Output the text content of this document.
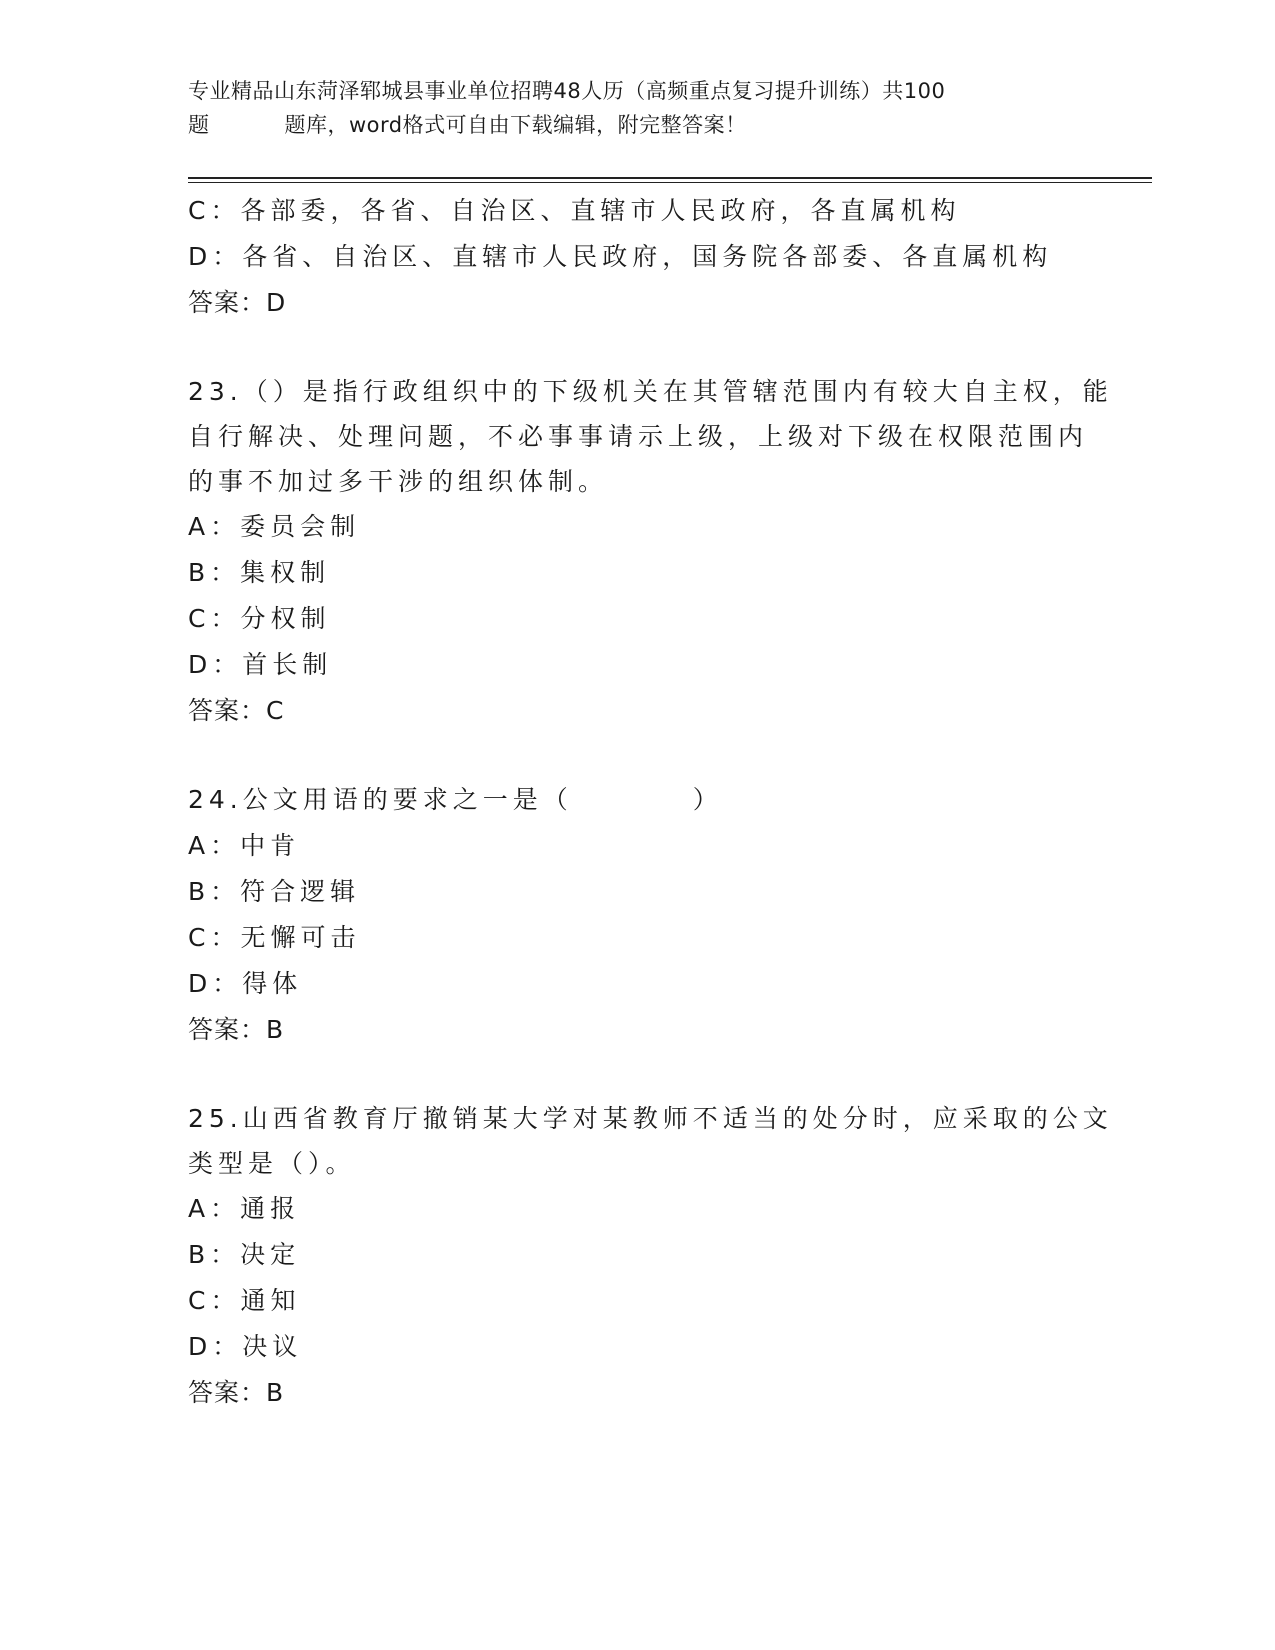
专业精品山东菏泽郓城县事业单位招聘48人历（高频重点复习提升训练）共100
题	题库，word格式可自由下载编辑，附完整答案！
C：各部委，各省、自治区、直辖市人民政府，各直属机构
D：各省、自治区、直辖市人民政府，国务院各部委、各直属机构
答案：D
23.（）是指行政组织中的下级机关在其管辖范围内有较大自主权，能
自行解决、处理问题，不必事事请示上级，上级对下级在权限范围内
的事不加过多干涉的组织体制。
A：委员会制
B：集权制
C：分权制
D：首长制
答案：C
24.公文用语的要求之一是（　　　　）
A：中肯
B：符合逻辑
C：无懈可击
D：得体
答案：B
25.山西省教育厅撤销某大学对某教师不适当的处分时，应采取的公文
类型是（）。
A：通报
B：决定
C：通知
D：决议
答案：B
